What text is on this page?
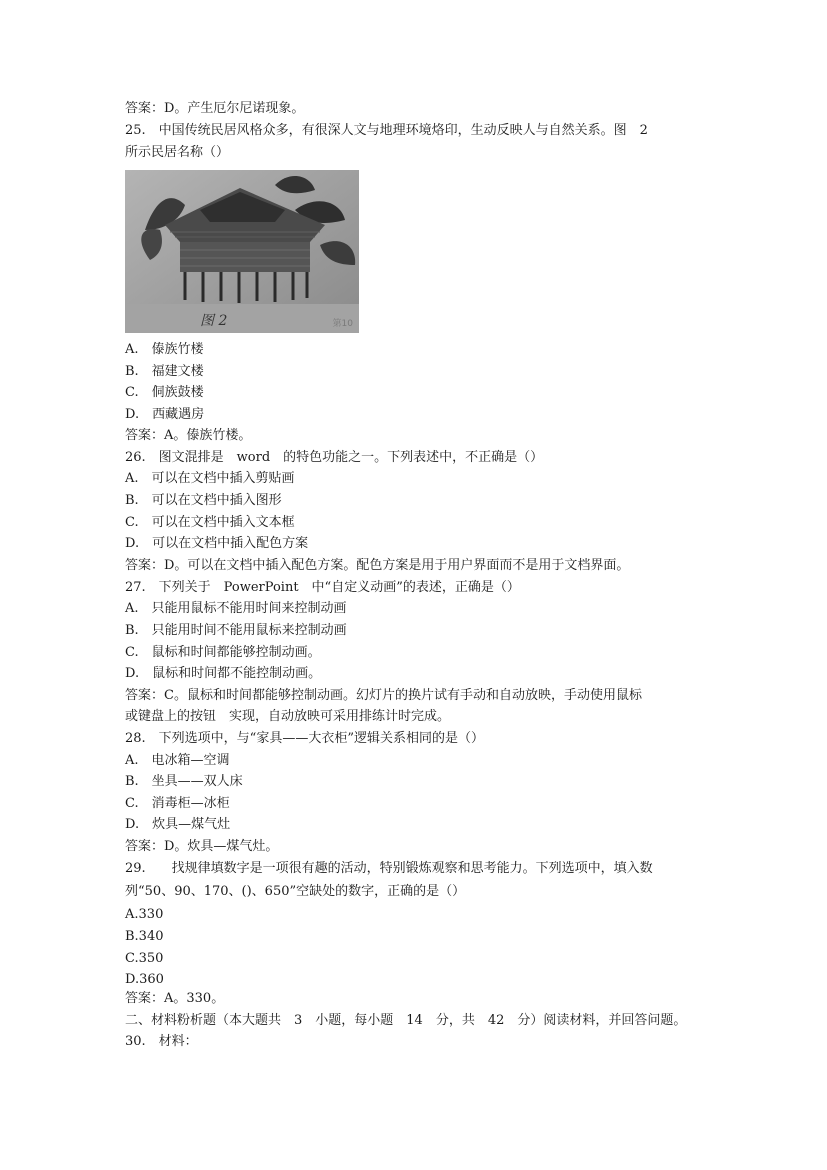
答案：D。产生厄尔尼诺现象。
25.　中国传统民居风格众多，有很深人文与地理环境烙印，生动反映人与自然关系。图　2
所示民居名称（）
图 2	第10
A.　傣族竹楼
B.　福建文楼
C.　侗族鼓楼
D.　西藏遇房
答案：A。傣族竹楼。
26.　图文混排是　word　的特色功能之一。下列表述中，不正确是（）
A.　可以在文档中插入剪贴画
B.　可以在文档中插入图形
C.　可以在文档中插入文本框
D.　可以在文档中插入配色方案
答案：D。可以在文档中插入配色方案。配色方案是用于用户界面而不是用于文档界面。
27.　下列关于　PowerPoint　中“自定义动画”的表述，正确是（）
A.　只能用鼠标不能用时间来控制动画
B.　只能用时间不能用鼠标来控制动画
C.　鼠标和时间都能够控制动画。
D.　鼠标和时间都不能控制动画。
答案：C。鼠标和时间都能够控制动画。幻灯片的换片试有手动和自动放映，手动使用鼠标
或键盘上的按钮　实现，自动放映可采用排练计时完成。
28.　下列选项中，与“家具——大衣柜”逻辑关系相同的是（）
A.　电冰箱—空调
B.　坐具——双人床
C.　消毒柜—冰柜
D.　炊具—煤气灶
答案：D。炊具—煤气灶。
29.　　找规律填数字是一项很有趣的活动，特别锻炼观察和思考能力。下列选项中，填入数
列“50、90、170、()、650”空缺处的数字，正确的是（）
A.330
B.340
C.350
D.360
答案：A。330。
二、材料粉析题（本大题共　3　小题，每小题　14　分，共　42　分）阅读材料，并回答问题。
30.　材料：
